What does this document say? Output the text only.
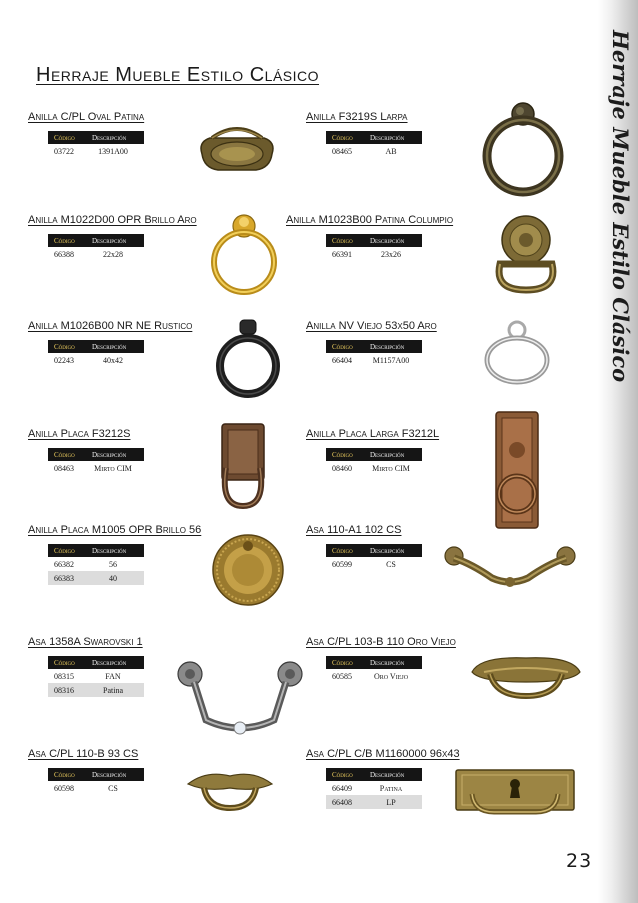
Herraje Mueble Estilo Clásico
Herraje Mueble Estilo Clásico
Anilla C/PL Oval Patina
Código	Descripción
03722	1391A00
Anilla F3219S Larpa
Código	Descripción
08465	AB
Anilla M1022D00 OPR Brillo Aro
Código	Descripción
66388	22x28
Anilla M1023B00 Patina Columpio
Código	Descripción
66391	23x26
Anilla M1026B00 NR NE Rustico
Código	Descripción
02243	40x42
Anilla NV Viejo 53x50 Aro
Código	Descripción
66404	M1157A00
Anilla Placa F3212S
Código	Descripción
08463	Mirto CIM
Anilla Placa Larga F3212L
Código	Descripción
08460	Mirto CIM
Anilla Placa M1005 OPR Brillo 56
Código	Descripción
66382	56
66383	40
Asa 110-A1 102 CS
Código	Descripción
60599	CS
Asa 1358A Swarovski 1
Código	Descripción
08315	FAN
08316	Patina
Asa C/PL 103-B 110 Oro Viejo
Código	Descripción
60585	Oro Viejo
Asa C/PL 110-B 93 CS
Código	Descripción
60598	CS
Asa C/PL C/B M1160000 96x43
Código	Descripción
66409	Patina
66408	LP
23
